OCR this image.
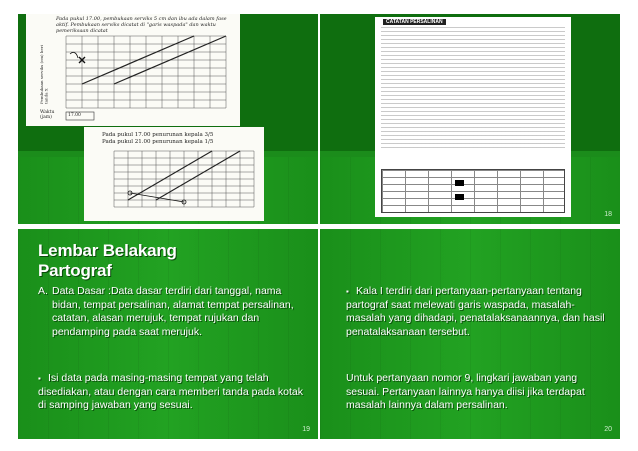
Pada pukul 17.00, pembukaan serviks 5 cm dan ibu ada dalam fase aktif. Pembukaan serviks dicatat di "garis waspada" dan waktu pemeriksaan dicatat
Pembukaan serviks (cm) beri tanda X
Waktu (jam)	17.00
Pada pukul 17.00 penurunan kepala 3/5
Pada pukul 21.00 penurunan kepala 1/5
CATATAN PERSALINAN
18
Lembar Belakang
Partograf
A. Data Dasar :Data dasar terdiri dari tanggal, nama bidan, tempat persalinan, alamat tempat persalinan, catatan, alasan merujuk, tempat rujukan dan pendamping pada saat merujuk.
▪ Isi data pada masing-masing tempat yang telah disediakan, atau dengan cara memberi tanda pada kotak di samping jawaban yang sesuai.
19
▪ Kala I terdiri dari pertanyaan-pertanyaan tentang partograf saat melewati garis waspada, masalah-masalah yang dihadapi, penatalaksanaannya, dan hasil penatalaksanaan tersebut.
Untuk pertanyaan nomor 9, lingkari jawaban yang sesuai. Pertanyaan lainnya hanya diisi jika terdapat masalah lainnya dalam persalinan.
20
